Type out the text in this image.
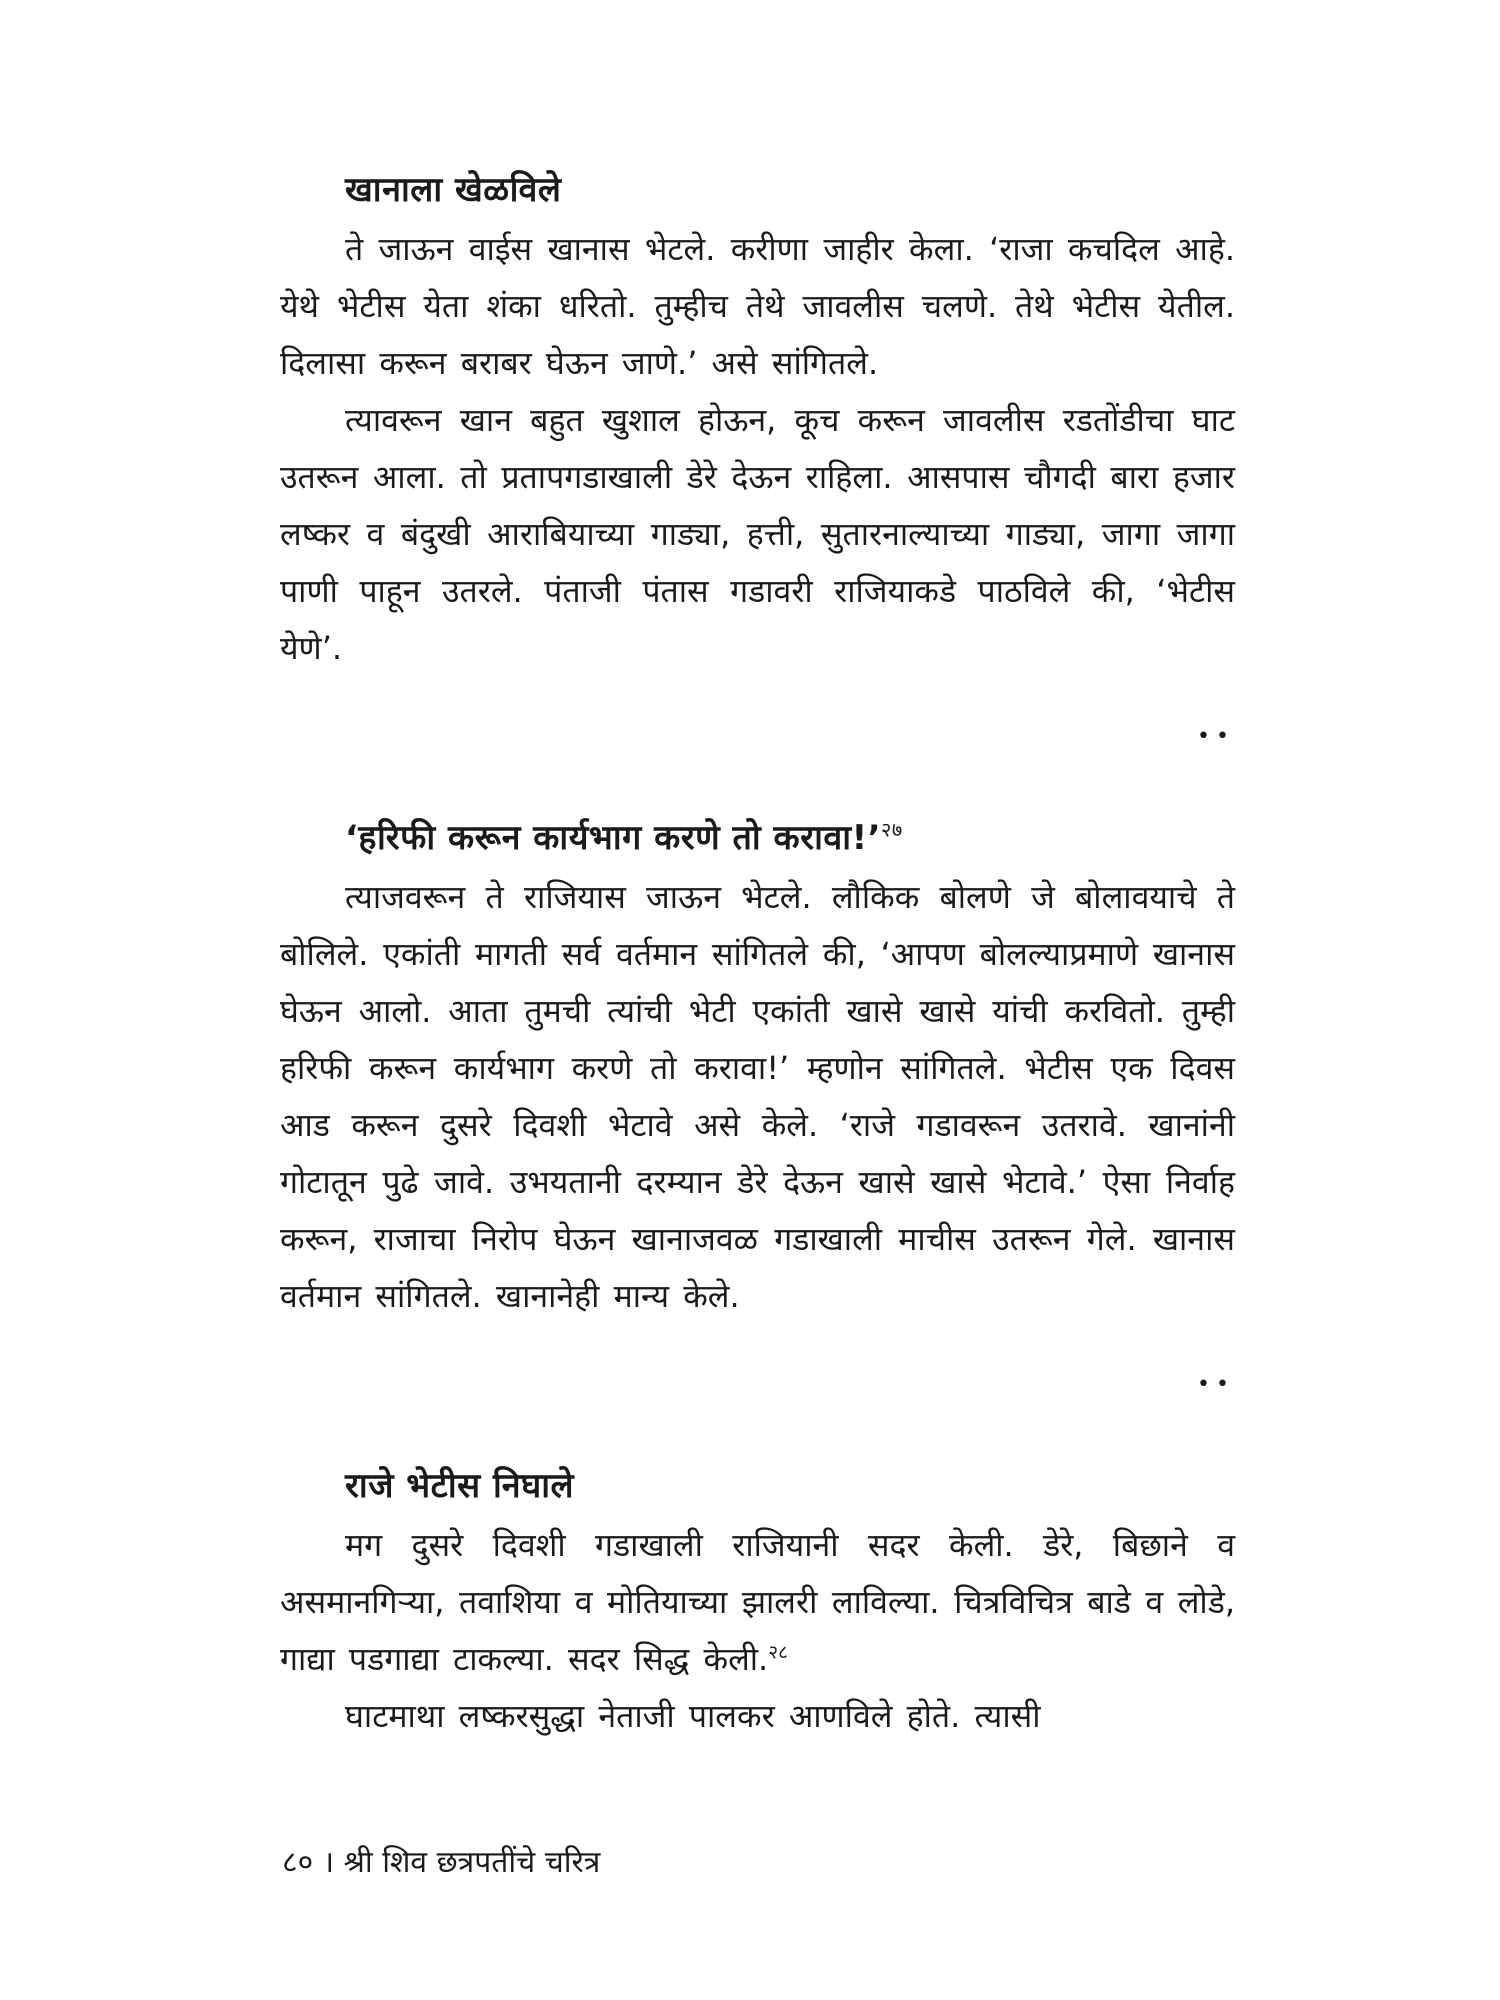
खानाला खेळविले

ते जाऊन वाईस खानास भेटले. करीणा जाहीर केला. ‘राजा कचदिल आहे. येथे भेटीस येता शंका धरितो. तुम्हीच तेथे जावलीस चलणे. तेथे भेटीस येतील. दिलासा करून बराबर घेऊन जाणे.’ असे सांगितले.

त्यावरून खान बहुत खुशाल होऊन, कूच करून जावलीस रडतोंडीचा घाट उतरून आला. तो प्रतापगडाखाली डेरे देऊन राहिला. आसपास चौगदी बारा हजार लष्कर व बंदुखी आराबियाच्या गाड्या, हत्ती, सुतारनाल्याच्या गाड्या, जागा जागा पाणी पाहून उतरले. पंताजी पंतास गडावरी राजियाकडे पाठविले की, ‘भेटीस येणे’.

••
‘हरिफी करून कार्यभाग करणे तो करावा!’$^{२७}$

त्याजवरून ते राजियास जाऊन भेटले. लौकिक बोलणे जे बोलावयाचे ते बोलिले. एकांती मागती सर्व वर्तमान सांगितले की, ‘आपण बोलल्याप्रमाणे खानास घेऊन आलो. आता तुमची त्यांची भेटी एकांती खासे खासे यांची करवितो. तुम्ही हरिफी करून कार्यभाग करणे तो करावा!’ म्हणोन सांगितले. भेटीस एक दिवस आड करून दुसरे दिवशी भेटावे असे केले. ‘राजे गडावरून उतरावे. खानांनी गोटातून पुढे जावे. उभयतानी दरम्यान डेरे देऊन खासे खासे भेटावे.’ ऐसा निर्वाह करून, राजाचा निरोप घेऊन खानाजवळ गडाखाली माचीस उतरून गेले. खानास वर्तमान सांगितले. खानानेही मान्य केले.

••
राजे भेटीस निघाले

मग दुसरे दिवशी गडाखाली राजियानी सदर केली. डेरे, बिछाने व असमानगिऱ्या, तवाशिया व मोतियाच्या झालरी लाविल्या. चित्रविचित्र बाडे व लोडे, गाद्या पडगाद्या टाकल्या. सदर सिद्ध केली.$^{२८}$

घाटमाथा लष्करसुद्धा नेताजी पालकर आणविले होते. त्यासी

८० । श्री शिव छत्रपतींचे चरित्र
